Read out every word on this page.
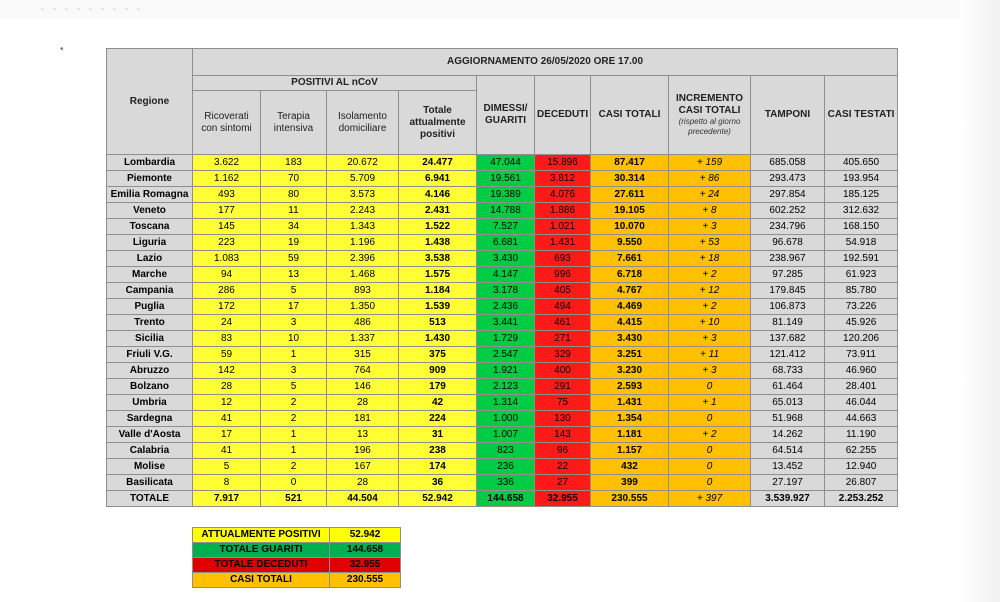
. . . . . . . . .
•
Regione	AGGIORNAMENTO 26/05/2020 ORE 17.00									
	POSITIVI AL nCoV				DIMESSI/ GUARITI	DECEDUTI	CASI TOTALI	INCREMENTO CASI TOTALI
(rispetto al giorno precedente)	TAMPONI	CASI TESTATI
	Ricoverati con sintomi	Terapia intensiva	Isolamento domiciliare	Totale attualmente positivi						
Lombardia	3.622	183	20.672	24.477	47.044	15.896	87.417	+ 159	685.058	405.650
Piemonte	1.162	70	5.709	6.941	19.561	3.812	30.314	+ 86	293.473	193.954
Emilia Romagna	493	80	3.573	4.146	19.389	4.076	27.611	+ 24	297.854	185.125
Veneto	177	11	2.243	2.431	14.788	1.886	19.105	+ 8	602.252	312.632
Toscana	145	34	1.343	1.522	7.527	1.021	10.070	+ 3	234.796	168.150
Liguria	223	19	1.196	1.438	6.681	1.431	9.550	+ 53	96.678	54.918
Lazio	1.083	59	2.396	3.538	3.430	693	7.661	+ 18	238.967	192.591
Marche	94	13	1.468	1.575	4.147	996	6.718	+ 2	97.285	61.923
Campania	286	5	893	1.184	3.178	405	4.767	+ 12	179.845	85.780
Puglia	172	17	1.350	1.539	2.436	494	4.469	+ 2	106.873	73.226
Trento	24	3	486	513	3.441	461	4.415	+ 10	81.149	45.926
Sicilia	83	10	1.337	1.430	1.729	271	3.430	+ 3	137.682	120.206
Friuli V.G.	59	1	315	375	2.547	329	3.251	+ 11	121.412	73.911
Abruzzo	142	3	764	909	1.921	400	3.230	+ 3	68.733	46.960
Bolzano	28	5	146	179	2.123	291	2.593	0	61.464	28.401
Umbria	12	2	28	42	1.314	75	1.431	+ 1	65.013	46.044
Sardegna	41	2	181	224	1.000	130	1.354	0	51.968	44.663
Valle d'Aosta	17	1	13	31	1.007	143	1.181	+ 2	14.262	11.190
Calabria	41	1	196	238	823	96	1.157	0	64.514	62.255
Molise	5	2	167	174	236	22	432	0	13.452	12.940
Basilicata	8	0	28	36	336	27	399	0	27.197	26.807
TOTALE	7.917	521	44.504	52.942	144.658	32.955	230.555	+ 397	3.539.927	2.253.252
ATTUALMENTE POSITIVI	52.942
TOTALE GUARITI	144.658
TOTALE DECEDUTI	32.955
CASI TOTALI	230.555
